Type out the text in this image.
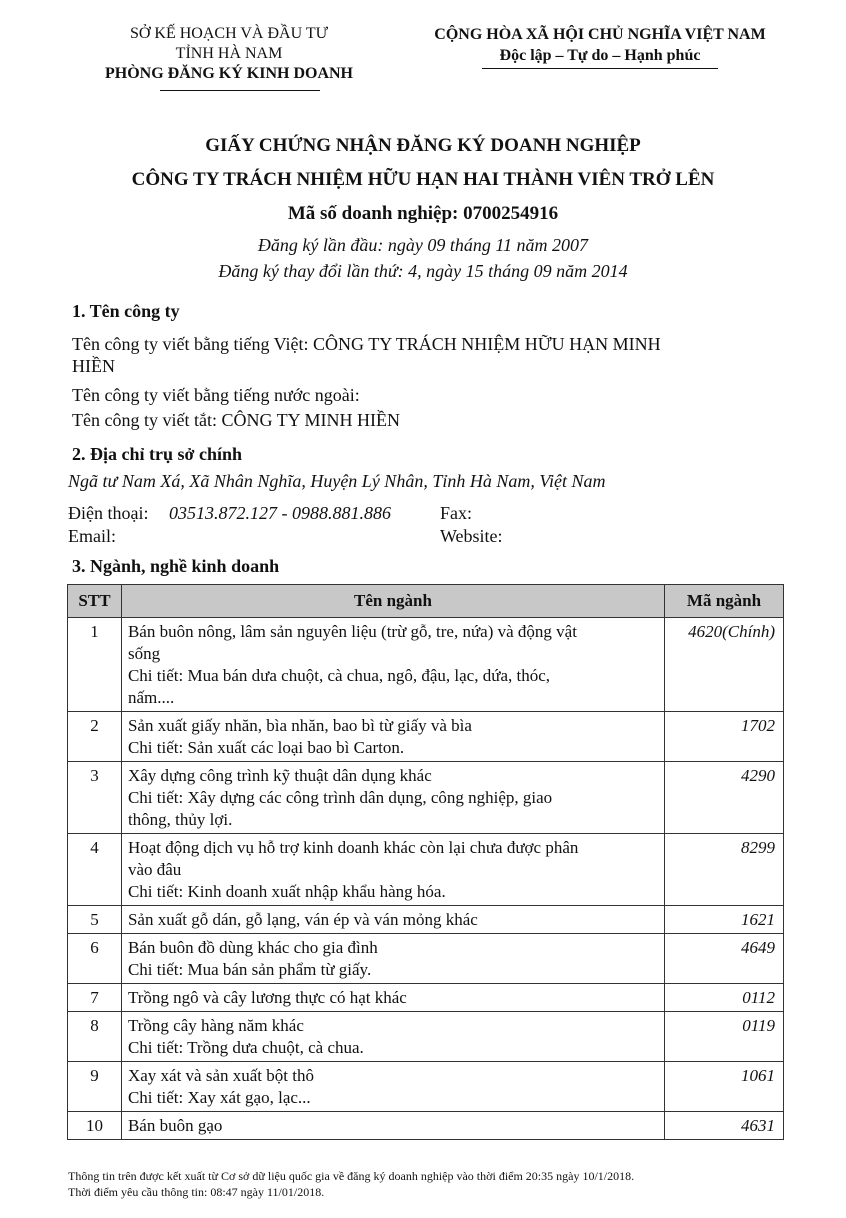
SỞ KẾ HOẠCH VÀ ĐẦU TƯ
TỈNH HÀ NAM
PHÒNG ĐĂNG KÝ KINH DOANH
CỘNG HÒA XÃ HỘI CHỦ NGHĨA VIỆT NAM
Độc lập – Tự do – Hạnh phúc
GIẤY CHỨNG NHẬN ĐĂNG KÝ DOANH NGHIỆP
CÔNG TY TRÁCH NHIỆM HỮU HẠN HAI THÀNH VIÊN TRỞ LÊN
Mã số doanh nghiệp: 0700254916
Đăng ký lần đầu: ngày 09 tháng 11 năm 2007
Đăng ký thay đổi lần thứ: 4, ngày 15 tháng 09 năm 2014
1. Tên công ty
Tên công ty viết bằng tiếng Việt: CÔNG TY TRÁCH NHIỆM HỮU HẠN MINH
HIỀN
Tên công ty viết bằng tiếng nước ngoài:
Tên công ty viết tắt: CÔNG TY MINH HIỀN
2. Địa chỉ trụ sở chính
Ngã tư Nam Xá, Xã Nhân Nghĩa, Huyện Lý Nhân, Tỉnh Hà Nam, Việt Nam
Điện thoại: 03513.872.127 - 0988.881.886	Fax:
Email:	Website:
3. Ngành, nghề kinh doanh
STT	Tên ngành	Mã ngành
1	Bán buôn nông, lâm sản nguyên liệu (trừ gỗ, tre, nứa) và động vật
sống
Chi tiết: Mua bán dưa chuột, cà chua, ngô, đậu, lạc, dứa, thóc,
nấm....	4620(Chính)
2	Sản xuất giấy nhăn, bìa nhăn, bao bì từ giấy và bìa
Chi tiết: Sản xuất các loại bao bì Carton.	1702
3	Xây dựng công trình kỹ thuật dân dụng khác
Chi tiết: Xây dựng các công trình dân dụng, công nghiệp, giao
thông, thủy lợi.	4290
4	Hoạt động dịch vụ hỗ trợ kinh doanh khác còn lại chưa được phân
vào đâu
Chi tiết: Kinh doanh xuất nhập khẩu hàng hóa.	8299
5	Sản xuất gỗ dán, gỗ lạng, ván ép và ván mỏng khác	1621
6	Bán buôn đồ dùng khác cho gia đình
Chi tiết: Mua bán sản phẩm từ giấy.	4649
7	Trồng ngô và cây lương thực có hạt khác	0112
8	Trồng cây hàng năm khác
Chi tiết: Trồng dưa chuột, cà chua.	0119
9	Xay xát và sản xuất bột thô
Chi tiết: Xay xát gạo, lạc...	1061
10	Bán buôn gạo	4631
Thông tin trên được kết xuất từ Cơ sở dữ liệu quốc gia về đăng ký doanh nghiệp vào thời điểm 20:35 ngày 10/1/2018.
Thời điểm yêu cầu thông tin: 08:47 ngày 11/01/2018.
